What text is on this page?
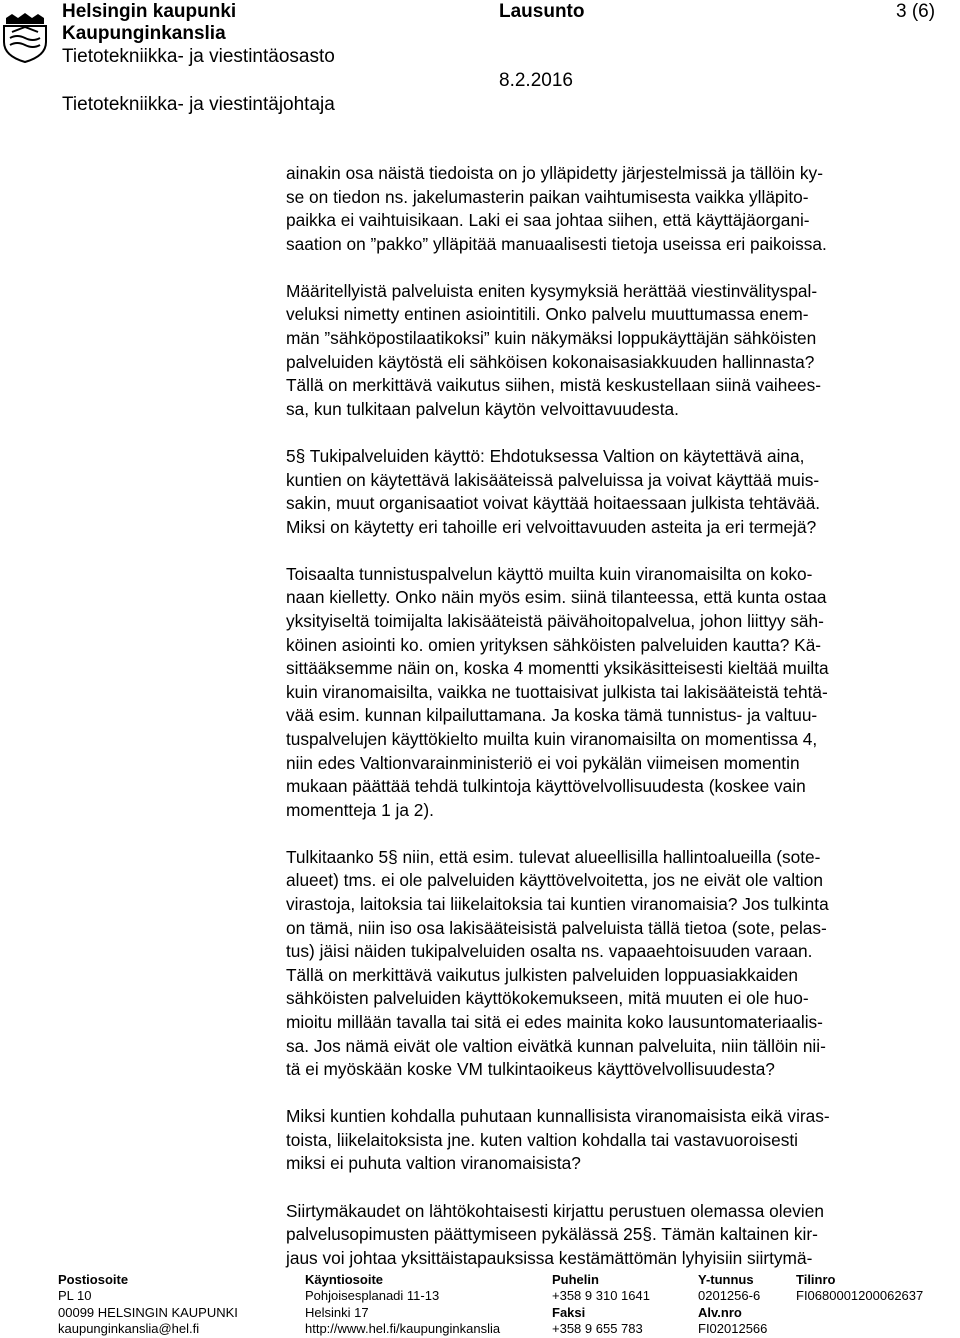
Helsingin kaupunki
Kaupunginkanslia
Tietotekniikka- ja viestintäosasto
Tietotekniikka- ja viestintäjohtaja
Lausunto	3 (6)
8.2.2016

ainakin osa näistä tiedoista on jo ylläpidetty järjestelmissä ja tällöin ky-
se on tiedon ns. jakelumasterin paikan vaihtumisesta vaikka ylläpito-
paikka ei vaihtuisikaan. Laki ei saa johtaa siihen, että käyttäjäorgani-
saation on ”pakko” ylläpitää manuaalisesti tietoja useissa eri paikoissa.

Määritellyistä palveluista eniten kysymyksiä herättää viestinvälityspal-
veluksi nimetty entinen asiointitili. Onko palvelu muuttumassa enem-
män ”sähköpostilaatikoksi” kuin näkymäksi loppukäyttäjän sähköisten
palveluiden käytöstä eli sähköisen kokonaisasiakkuuden hallinnasta?
Tällä on merkittävä vaikutus siihen, mistä keskustellaan siinä vaihees-
sa, kun tulkitaan palvelun käytön velvoittavuudesta.

5§ Tukipalveluiden käyttö: Ehdotuksessa Valtion on käytettävä aina,
kuntien on käytettävä lakisääteissä palveluissa ja voivat käyttää muis-
sakin, muut organisaatiot voivat käyttää hoitaessaan julkista tehtävää.
Miksi on käytetty eri tahoille eri velvoittavuuden asteita ja eri termejä?

Toisaalta tunnistuspalvelun käyttö muilta kuin viranomaisilta on koko-
naan kielletty. Onko näin myös esim. siinä tilanteessa, että kunta ostaa
yksityiseltä toimijalta lakisääteistä päivähoitopalvelua, johon liittyy säh-
köinen asiointi ko. omien yrityksen sähköisten palveluiden kautta? Kä-
sittääksemme näin on, koska 4 momentti yksikäsitteisesti kieltää muilta
kuin viranomaisilta, vaikka ne tuottaisivat julkista tai lakisääteistä tehtä-
vää esim. kunnan kilpailuttamana. Ja koska tämä tunnistus- ja valtuu-
tuspalvelujen käyttökielto muilta kuin viranomaisilta on momentissa 4,
niin edes Valtionvarainministeriö ei voi pykälän viimeisen momentin
mukaan päättää tehdä tulkintoja käyttövelvollisuudesta (koskee vain
momentteja 1 ja 2).

Tulkitaanko 5§ niin, että esim. tulevat alueellisilla hallintoalueilla (sote-
alueet) tms. ei ole palveluiden käyttövelvoitetta, jos ne eivät ole valtion
virastoja, laitoksia tai liikelaitoksia tai kuntien viranomaisia? Jos tulkinta
on tämä, niin iso osa lakisääteisistä palveluista tällä tietoa (sote, pelas-
tus) jäisi näiden tukipalveluiden osalta ns. vapaaehtoisuuden varaan.
Tällä on merkittävä vaikutus julkisten palveluiden loppuasiakkaiden
sähköisten palveluiden käyttökokemukseen, mitä muuten ei ole huo-
mioitu millään tavalla tai sitä ei edes mainita koko lausuntomateriaalis-
sa. Jos nämä eivät ole valtion eivätkä kunnan palveluita, niin tällöin nii-
tä ei myöskään koske VM tulkintaoikeus käyttövelvollisuudesta?

Miksi kuntien kohdalla puhutaan kunnallisista viranomaisista eikä viras-
toista, liikelaitoksista jne. kuten valtion kohdalla tai vastavuoroisesti
miksi ei puhuta valtion viranomaisista?

Siirtymäkaudet on lähtökohtaisesti kirjattu perustuen olemassa olevien
palvelusopimusten päättymiseen pykälässä 25§. Tämän kaltainen kir-
jaus voi johtaa yksittäistapauksissa kestämättömän lyhyisiin siirtymä-

Postiosoite
PL 10
00099 HELSINGIN KAUPUNKI
kaupunginkanslia@hel.fi
Käyntiosoite
Pohjoisesplanadi 11-13
Helsinki 17
http://www.hel.fi/kaupunginkanslia
Puhelin
+358 9 310 1641
Faksi
+358 9 655 783
Y-tunnus
0201256-6
Alv.nro
FI02012566
Tilinro
FI0680001200062637
